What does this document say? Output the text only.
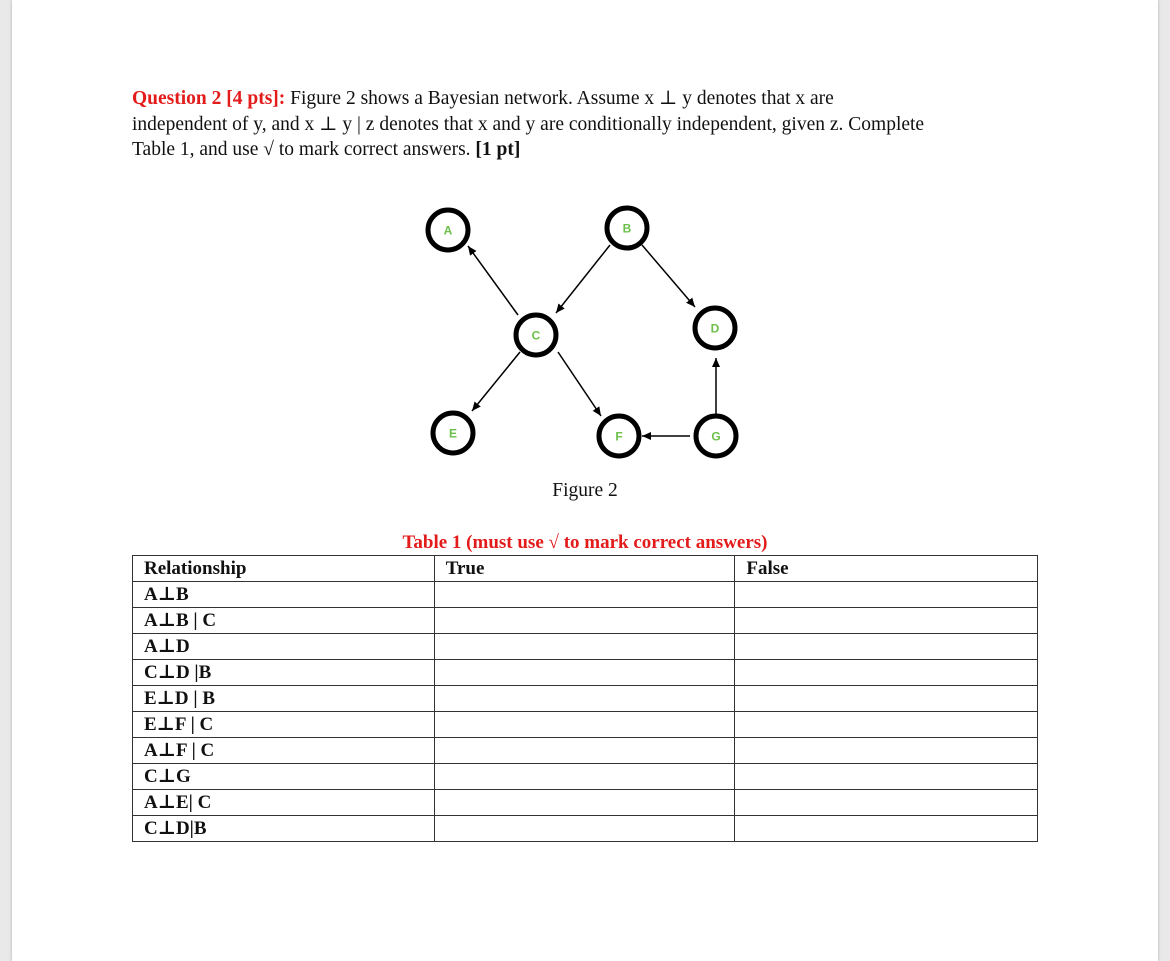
Question 2 [4 pts]: Figure 2 shows a Bayesian network. Assume x ⊥ y denotes that x are
independent of y, and x ⊥ y | z denotes that x and y are conditionally independent, given z. Complete
Table 1, and use √ to mark correct answers. [1 pt]
A	B
C	D
E	F	G
Figure 2
Table 1 (must use √ to mark correct answers)
Relationship	True	False
A⊥B		
A⊥B | C		
A⊥D		
C⊥D |B		
E⊥D | B		
E⊥F | C		
A⊥F | C		
C⊥G		
A⊥E| C		
C⊥D|B		
